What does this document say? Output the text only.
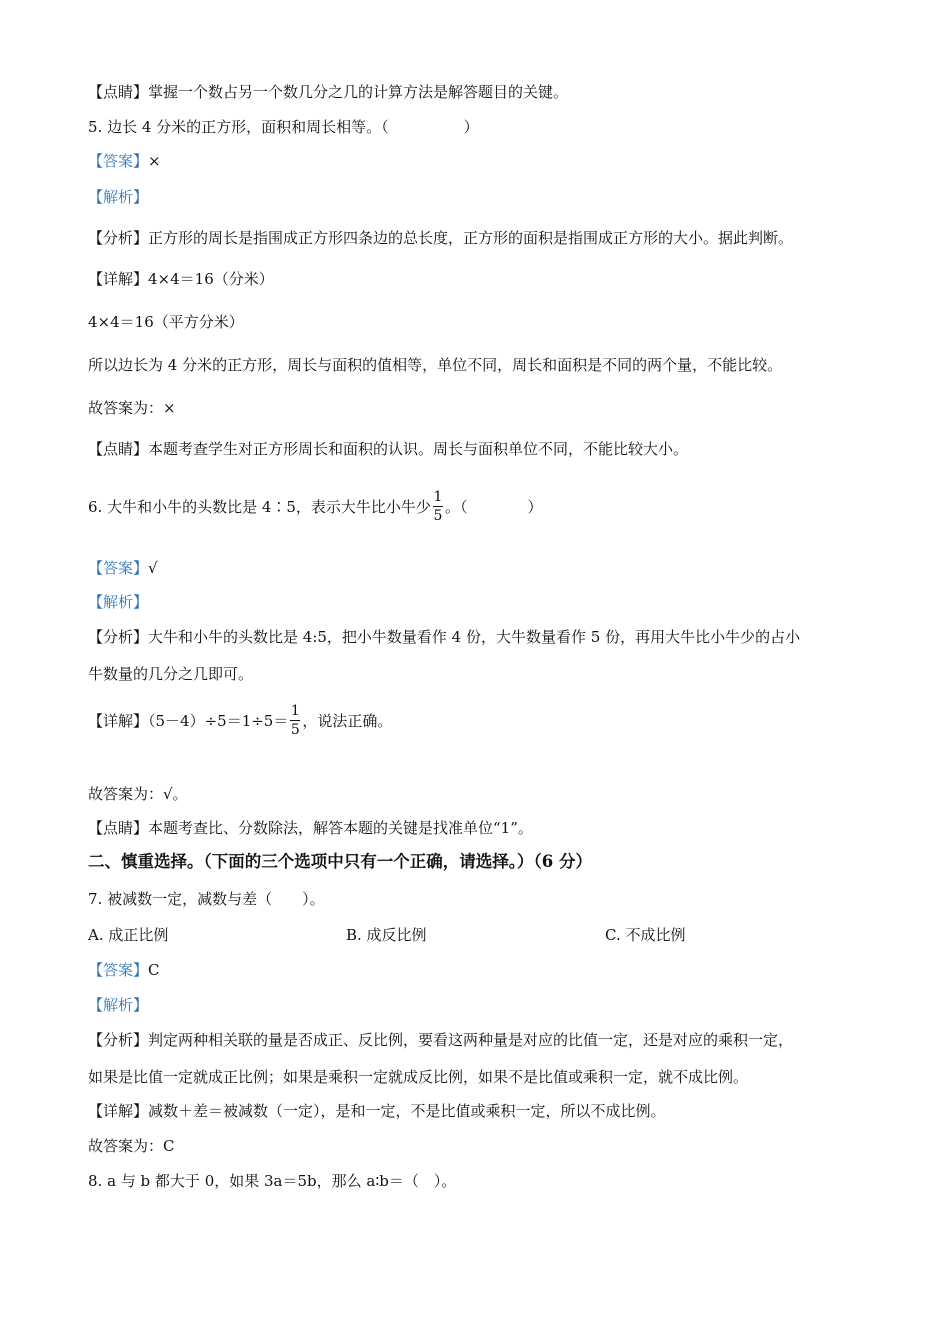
【点睛】掌握一个数占另一个数几分之几的计算方法是解答题目的关键。
5. 边长 4 分米的正方形，面积和周长相等。（　　　　　）
【答案】×
【解析】
【分析】正方形的周长是指围成正方形四条边的总长度，正方形的面积是指围成正方形的大小。据此判断。
【详解】4×4＝16（分米）
4×4＝16（平方分米）
所以边长为 4 分米的正方形，周长与面积的值相等，单位不同，周长和面积是不同的两个量，不能比较。
故答案为：×
【点睛】本题考查学生对正方形周长和面积的认识。周长与面积单位不同，不能比较大小。
6. 大牛和小牛的头数比是 4∶5，表示大牛比小牛少 $\frac{1}{5}$ 。（　　　　）
【答案】√
【解析】
【分析】大牛和小牛的头数比是 4:5，把小牛数量看作 4 份，大牛数量看作 5 份，再用大牛比小牛少的占小
牛数量的几分之几即可。
【详解】$(5-4)\div 5=1\div 5= \frac{1}{5}$ ，说法正确。
故答案为：√。
【点睛】本题考查比、分数除法，解答本题的关键是找准单位“1”。
二、慎重选择。（下面的三个选项中只有一个正确，请选择。）（6 分）
7. 被减数一定，减数与差（　　）。
A. 成正比例	B. 成反比例	C. 不成比例
【答案】C
【解析】
【分析】判定两种相关联的量是否成正、反比例，要看这两种量是对应的比值一定，还是对应的乘积一定，
如果是比值一定就成正比例；如果是乘积一定就成反比例，如果不是比值或乘积一定，就不成比例。
【详解】减数＋差＝被减数（一定），是和一定，不是比值或乘积一定，所以不成比例。
故答案为：C
8. a 与 b 都大于 0，如果 3a＝5b，那么 a∶b＝（　）。
